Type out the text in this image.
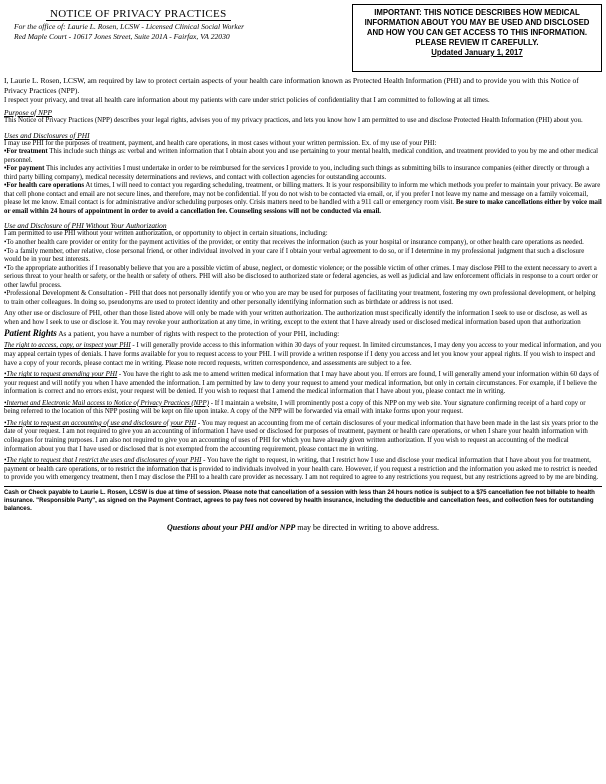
NOTICE OF PRIVACY PRACTICES
For the office of: Laurie L. Rosen, LCSW - Licensed Clinical Social Worker
Red Maple Court - 10617 Jones Street, Suite 201A - Fairfax, VA 22030
IMPORTANT: THIS NOTICE DESCRIBES HOW MEDICAL INFORMATION ABOUT YOU MAY BE USED AND DISCLOSED AND HOW YOU CAN GET ACCESS TO THIS INFORMATION. PLEASE REVIEW IT CAREFULLY.
Updated January 1, 2017

I, Laurie L. Rosen, LCSW, am required by law to protect certain aspects of your health care information known as Protected Health Information (PHI) and to provide you with this Notice of Privacy Practices (NPP).

I respect your privacy, and treat all health care information about my patients with care under strict policies of confidentiality that I am committed to following at all times.

Purpose of NPP

This Notice of Privacy Practices (NPP) describes your legal rights, advises you of my privacy practices, and lets you know how I am permitted to use and disclose Protected Health Information (PHI) about you.

Uses and Disclosures of PHI

I may use PHI for the purposes of treatment, payment, and health care operations, in most cases without your written permission. Ex. of my use of your PHI:

•For treatment This include such things as: verbal and written information that I obtain about you and use pertaining to your mental health, medical condition, and treatment provided to you by me and other medical personnel.

•For payment This includes any activities I must undertake in order to be reimbursed for the services I provide to you, including such things as submitting bills to insurance companies (either directly or through a third party billing company), medical necessity determinations and reviews, and contact with collection agencies for outstanding accounts.

•For health care operations At times, I will need to contact you regarding scheduling, treatment, or billing matters. It is your responsibility to inform me which methods you prefer to maintain your privacy. Be aware that cell phone contact and email are not secure lines, and therefore, may not be confidential. If you do not wish to be contacted via email, or, if you prefer I not leave my name and message on a family voicemail, please let me know. Email contact is for administrative and/or scheduling purposes only. Crisis matters need to be handled with a 911 call or emergency room visit. Be sure to make cancellations either by voice mail or email within 24 hours of appointment in order to avoid a cancellation fee. Counseling sessions will not be conducted via email.

Use and Disclosure of PHI Without Your Authorization

I am permitted to use PHI without your written authorization, or opportunity to object in certain situations, including:

•To another health care provider or entity for the payment activities of the provider, or entity that receives the information (such as your hospital or insurance company), or other health care operations as needed.

•To a family member, other relative, close personal friend, or other individual involved in your care if I obtain your verbal agreement to do so, or if I determine in my professional judgment that such a disclosure would be in your best interests.

•To the appropriate authorities if I reasonably believe that you are a possible victim of abuse, neglect, or domestic violence; or the possible victim of other crimes. I may disclose PHI to the extent necessary to avert a serious threat to your health or safety, or the health or safety of others. PHI will also be disclosed to authorized state or federal agencies, as well as judicial and law enforcement officials in response to a court order or other lawful process.

•Professional Development & Consultation - PHI that does not personally identify you or who you are may be used for purposes of facilitating your treatment, fostering my own professional development, or helping to train other colleagues. In doing so, pseudonyms are used to protect identity and other personally identifying information such as birthdate or address is not used.

Any other use or disclosure of PHI, other than those listed above will only be made with your written authorization. The authorization must specifically identify the information I seek to use or disclose, as well as when and how I seek to use or disclose it. You may revoke your authorization at any time, in writing, except to the extent that I have already used or disclosed medical information based upon that authorization

Patient Rights As a patient, you have a number of rights with respect to the protection of your PHI, including:

The right to access, copy, or inspect your PHI - I will generally provide access to this information within 30 days of your request. In limited circumstances, I may deny you access to your medical information, and you may appeal certain types of denials. I have forms available for you to request access to your PHI. I will provide a written response if I deny you access and let you know your appeal rights. If you wish to inspect and have a copy of your records, please contact me in writing. Please note record requests, written correspondence, and assessments are subject to a fee.

•The right to request amending your PHI - You have the right to ask me to amend written medical information that I may have about you. If errors are found, I will generally amend your information within 60 days of your request and will notify you when I have amended the information. I am permitted by law to deny your request to amend your medical information, but only in certain circumstances. For example, if I believe the information is correct and no errors exist, your request will be denied. If you wish to request that I amend the medical information that I have about you, please contact me in writing.

•Internet and Electronic Mail access to Notice of Privacy Practices (NPP) - If I maintain a website, I will prominently post a copy of this NPP on my web site. Your signature confirming receipt of a hard copy or being referred to the location of this NPP posting will be kept on file upon intake. A copy of the NPP will be forwarded via email with intake forms upon your request.

•The right to request an accounting of use and disclosure of your PHI - You may request an accounting from me of certain disclosures of your medical information that have been made in the last six years prior to the date of your request. I am not required to give you an accounting of information I have used or disclosed for purposes of treatment, payment or health care operations, or when I share your health information with colleagues for training purposes. I am also not required to give you an accounting of uses of PHI for which you have already given written authorization. If you wish to request an accounting of the medical information about you that I have used or disclosed that is not exempted from the accounting requirement, please contact me in writing.

•The right to request that I restrict the uses and disclosures of your PHI - You have the right to request, in writing, that I restrict how I use and disclose your medical information that I have about you for treatment, payment or health care operations, or to restrict the information that is provided to individuals involved in your health care. However, if you request a restriction and the information you asked me to restrict is needed to provide you with emergency treatment, then I may disclose the PHI to a health care provider as necessary. I am not required to agree to any restrictions you request, but any restrictions agreed to by me are binding.

Cash or Check payable to Laurie L. Rosen, LCSW is due at time of session. Please note that cancellation of a session with less than 24 hours notice is subject to a $75 cancellation fee not billable to health insurance. "Responsible Party", as signed on the Payment Contract, agrees to pay fees not covered by health insurance, including the deductible and cancellation fees, and collection fees for outstanding balances.

Questions about your PHI and/or NPP may be directed in writing to above address.
